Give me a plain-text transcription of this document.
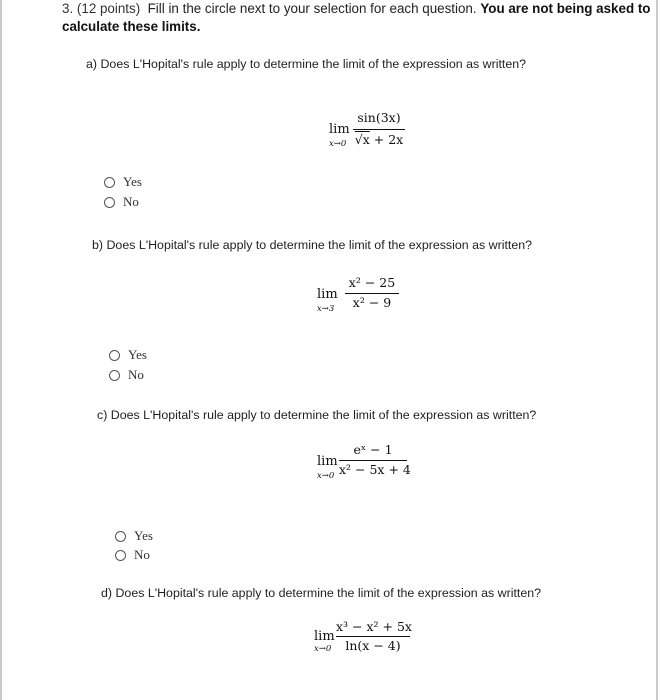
3. (12 points) Fill in the circle next to your selection for each question. You are not being asked to calculate these limits.
a) Does L'Hopital's rule apply to determine the limit of the expression as written?
lim
x→0
sin(3x)
√x + 2x
Yes
No
b) Does L'Hopital's rule apply to determine the limit of the expression as written?
lim
x→3
x² − 25
x² − 9
Yes
No
c) Does L'Hopital's rule apply to determine the limit of the expression as written?
lim
x→0
eˣ − 1
x² − 5x + 4
Yes
No
d) Does L'Hopital's rule apply to determine the limit of the expression as written?
lim
x→0
x³ − x² + 5x
ln(x − 4)
